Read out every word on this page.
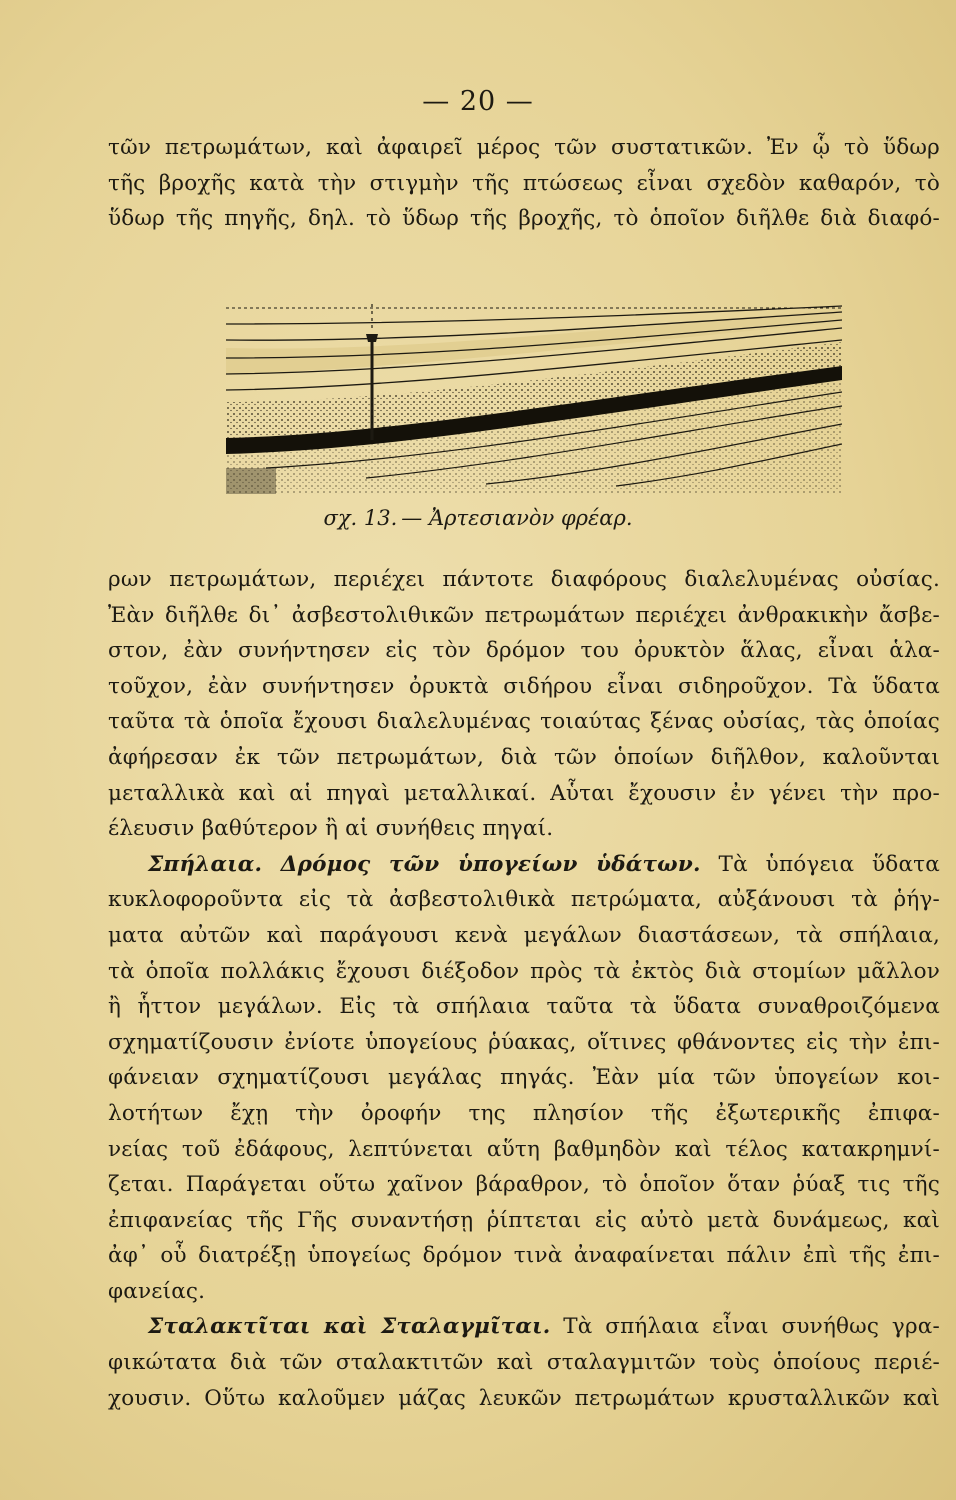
— 20 —

τῶν πετρωμάτων, καὶ ἀφαιρεῖ μέρος τῶν συστατικῶν. Ἐν ᾧ τὸ ὕδωρ

τῆς βροχῆς κατὰ τὴν στιγμὴν τῆς πτώσεως εἶναι σχεδὸν καθαρόν, τὸ

ὕδωρ τῆς πηγῆς, δηλ. τὸ ὕδωρ τῆς βροχῆς, τὸ ὁποῖον διῆλθε διὰ διαφό-

σχ. 13. — Ἀρτεσιανὸν φρέαρ.

ρων πετρωμάτων, περιέχει πάντοτε διαφόρους διαλελυμένας οὐσίας.

Ἐὰν διῆλθε δι᾽ ἀσβεστολιθικῶν πετρωμάτων περιέχει ἀνθρακικὴν ἄσβε-

στον, ἐὰν συνήντησεν εἰς τὸν δρόμον του ὀρυκτὸν ἅλας, εἶναι ἁλα-

τοῦχον, ἐὰν συνήντησεν ὀρυκτὰ σιδήρου εἶναι σιδηροῦχον. Τὰ ὕδατα

ταῦτα τὰ ὁποῖα ἔχουσι διαλελυμένας τοιαύτας ξένας οὐσίας, τὰς ὁποίας

ἀφήρεσαν ἐκ τῶν πετρωμάτων, διὰ τῶν ὁποίων διῆλθον, καλοῦνται

μεταλλικὰ καὶ αἱ πηγαὶ μεταλλικαί. Αὗται ἔχουσιν ἐν γένει τὴν προ-

έλευσιν βαθύτερον ἢ αἱ συνήθεις πηγαί.

Σπήλαια. Δρόμος τῶν ὑπογείων ὑδάτων. Τὰ ὑπόγεια ὕδατα

κυκλοφοροῦντα εἰς τὰ ἀσβεστολιθικὰ πετρώματα, αὐξάνουσι τὰ ῥήγ-

ματα αὐτῶν καὶ παράγουσι κενὰ μεγάλων διαστάσεων, τὰ σπήλαια,

τὰ ὁποῖα πολλάκις ἔχουσι διέξοδον πρὸς τὰ ἐκτὸς διὰ στομίων μᾶλλον

ἢ ἧττον μεγάλων. Εἰς τὰ σπήλαια ταῦτα τὰ ὕδατα συναθροιζόμενα

σχηματίζουσιν ἐνίοτε ὑπογείους ῥύακας, οἵτινες φθάνοντες εἰς τὴν ἐπι-

φάνειαν σχηματίζουσι μεγάλας πηγάς. Ἐὰν μία τῶν ὑπογείων κοι-

λοτήτων ἔχῃ τὴν ὀροφήν της πλησίον τῆς ἐξωτερικῆς ἐπιφα-

νείας τοῦ ἐδάφους, λεπτύνεται αὕτη βαθμηδὸν καὶ τέλος κατακρημνί-

ζεται. Παράγεται οὕτω χαῖνον βάραθρον, τὸ ὁποῖον ὅταν ῥύαξ τις τῆς

ἐπιφανείας τῆς Γῆς συναντήσῃ ῥίπτεται εἰς αὐτὸ μετὰ δυνάμεως, καὶ

ἀφ᾽ οὗ διατρέξῃ ὑπογείως δρόμον τινὰ ἀναφαίνεται πάλιν ἐπὶ τῆς ἐπι-

φανείας.

Σταλακτῖται καὶ Σταλαγμῖται. Τὰ σπήλαια εἶναι συνήθως γρα-

φικώτατα διὰ τῶν σταλακτιτῶν καὶ σταλαγμιτῶν τοὺς ὁποίους περιέ-

χουσιν. Οὕτω καλοῦμεν μάζας λευκῶν πετρωμάτων κρυσταλλικῶν καὶ
